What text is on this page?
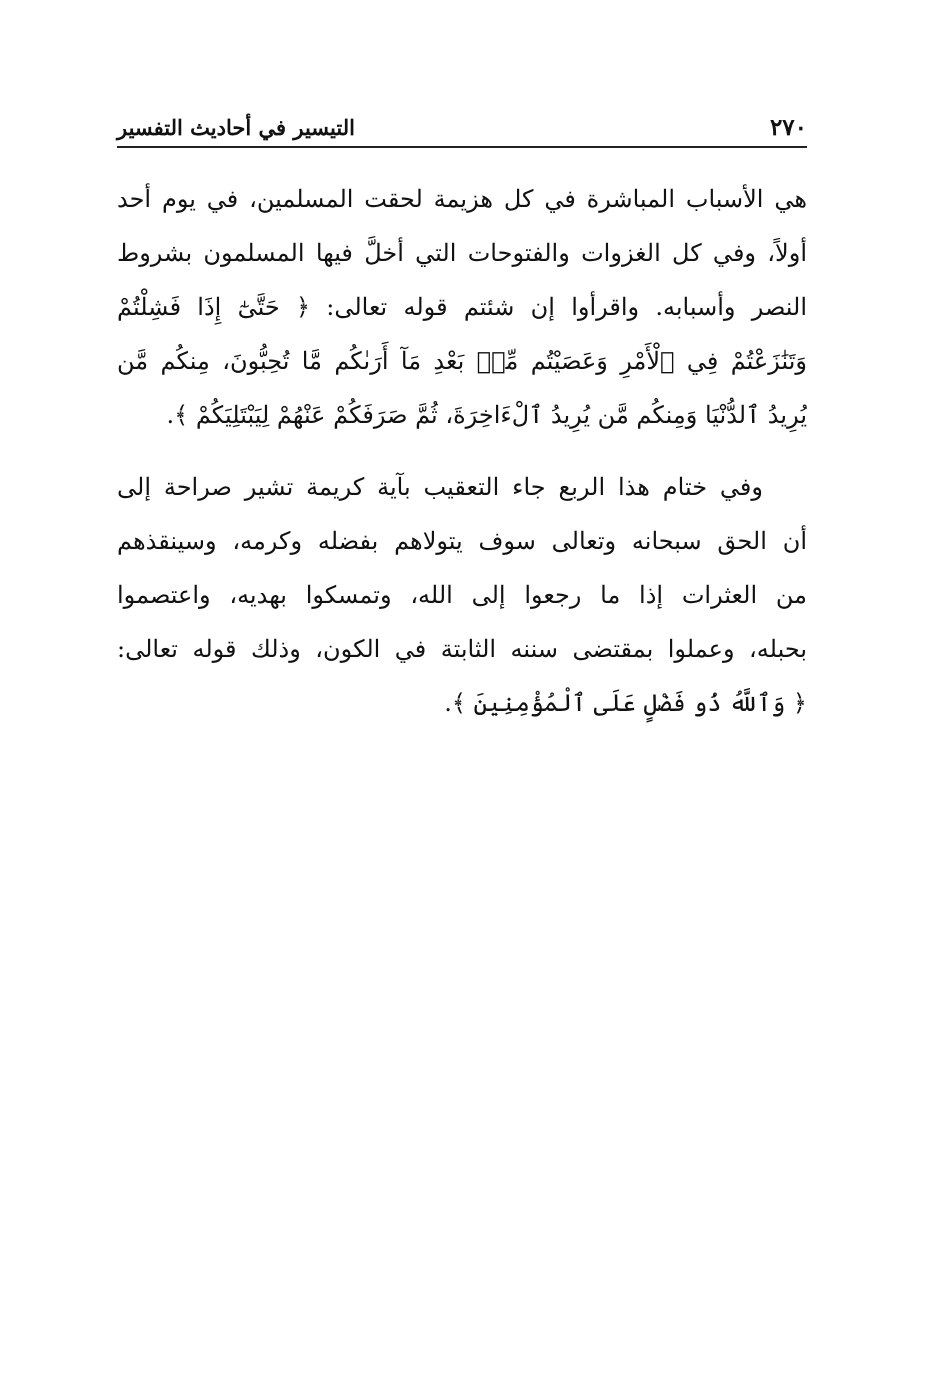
٢٧٠
التيسير في أحاديث التفسير
هي الأسباب المباشرة في كل هزيمة لحقت المسلمين، في يوم أحد
أولاً، وفي كل الغزوات والفتوحات التي أخلَّ فيها المسلمون بشروط
النصر وأسبابه. واقرأوا إن شئتم قوله تعالى: ﴿ حَتَّىٰٓ إِذَا فَشِلْتُمْ
وَتَنَٰزَعْتُمْ فِي ٱلْأَمْرِ وَعَصَيْتُم مِّنۢ بَعْدِ مَآ أَرَىٰكُم مَّا تُحِبُّونَ، مِنكُم مَّن
يُرِيدُ ٱلدُّنْيَا وَمِنكُم مَّن يُرِيدُ ٱلْءَاخِرَةَ، ثُمَّ صَرَفَكُمْ عَنْهُمْ لِيَبْتَلِيَكُمْ ﴾.
وفي ختام هذا الربع جاء التعقيب بآية كريمة تشير صراحة إلى
أن الحق سبحانه وتعالى سوف يتولاهم بفضله وكرمه، وسينقذهم
من العثرات إذا ما رجعوا إلى الله، وتمسكوا بهديه، واعتصموا
بحبله، وعملوا بمقتضى سننه الثابتة في الكون، وذلك قوله تعالى:
﴿ وَٱللَّهُ ذُو فَضْلٍ عَلَى ٱلْمُؤْمِنِينَ ﴾.
